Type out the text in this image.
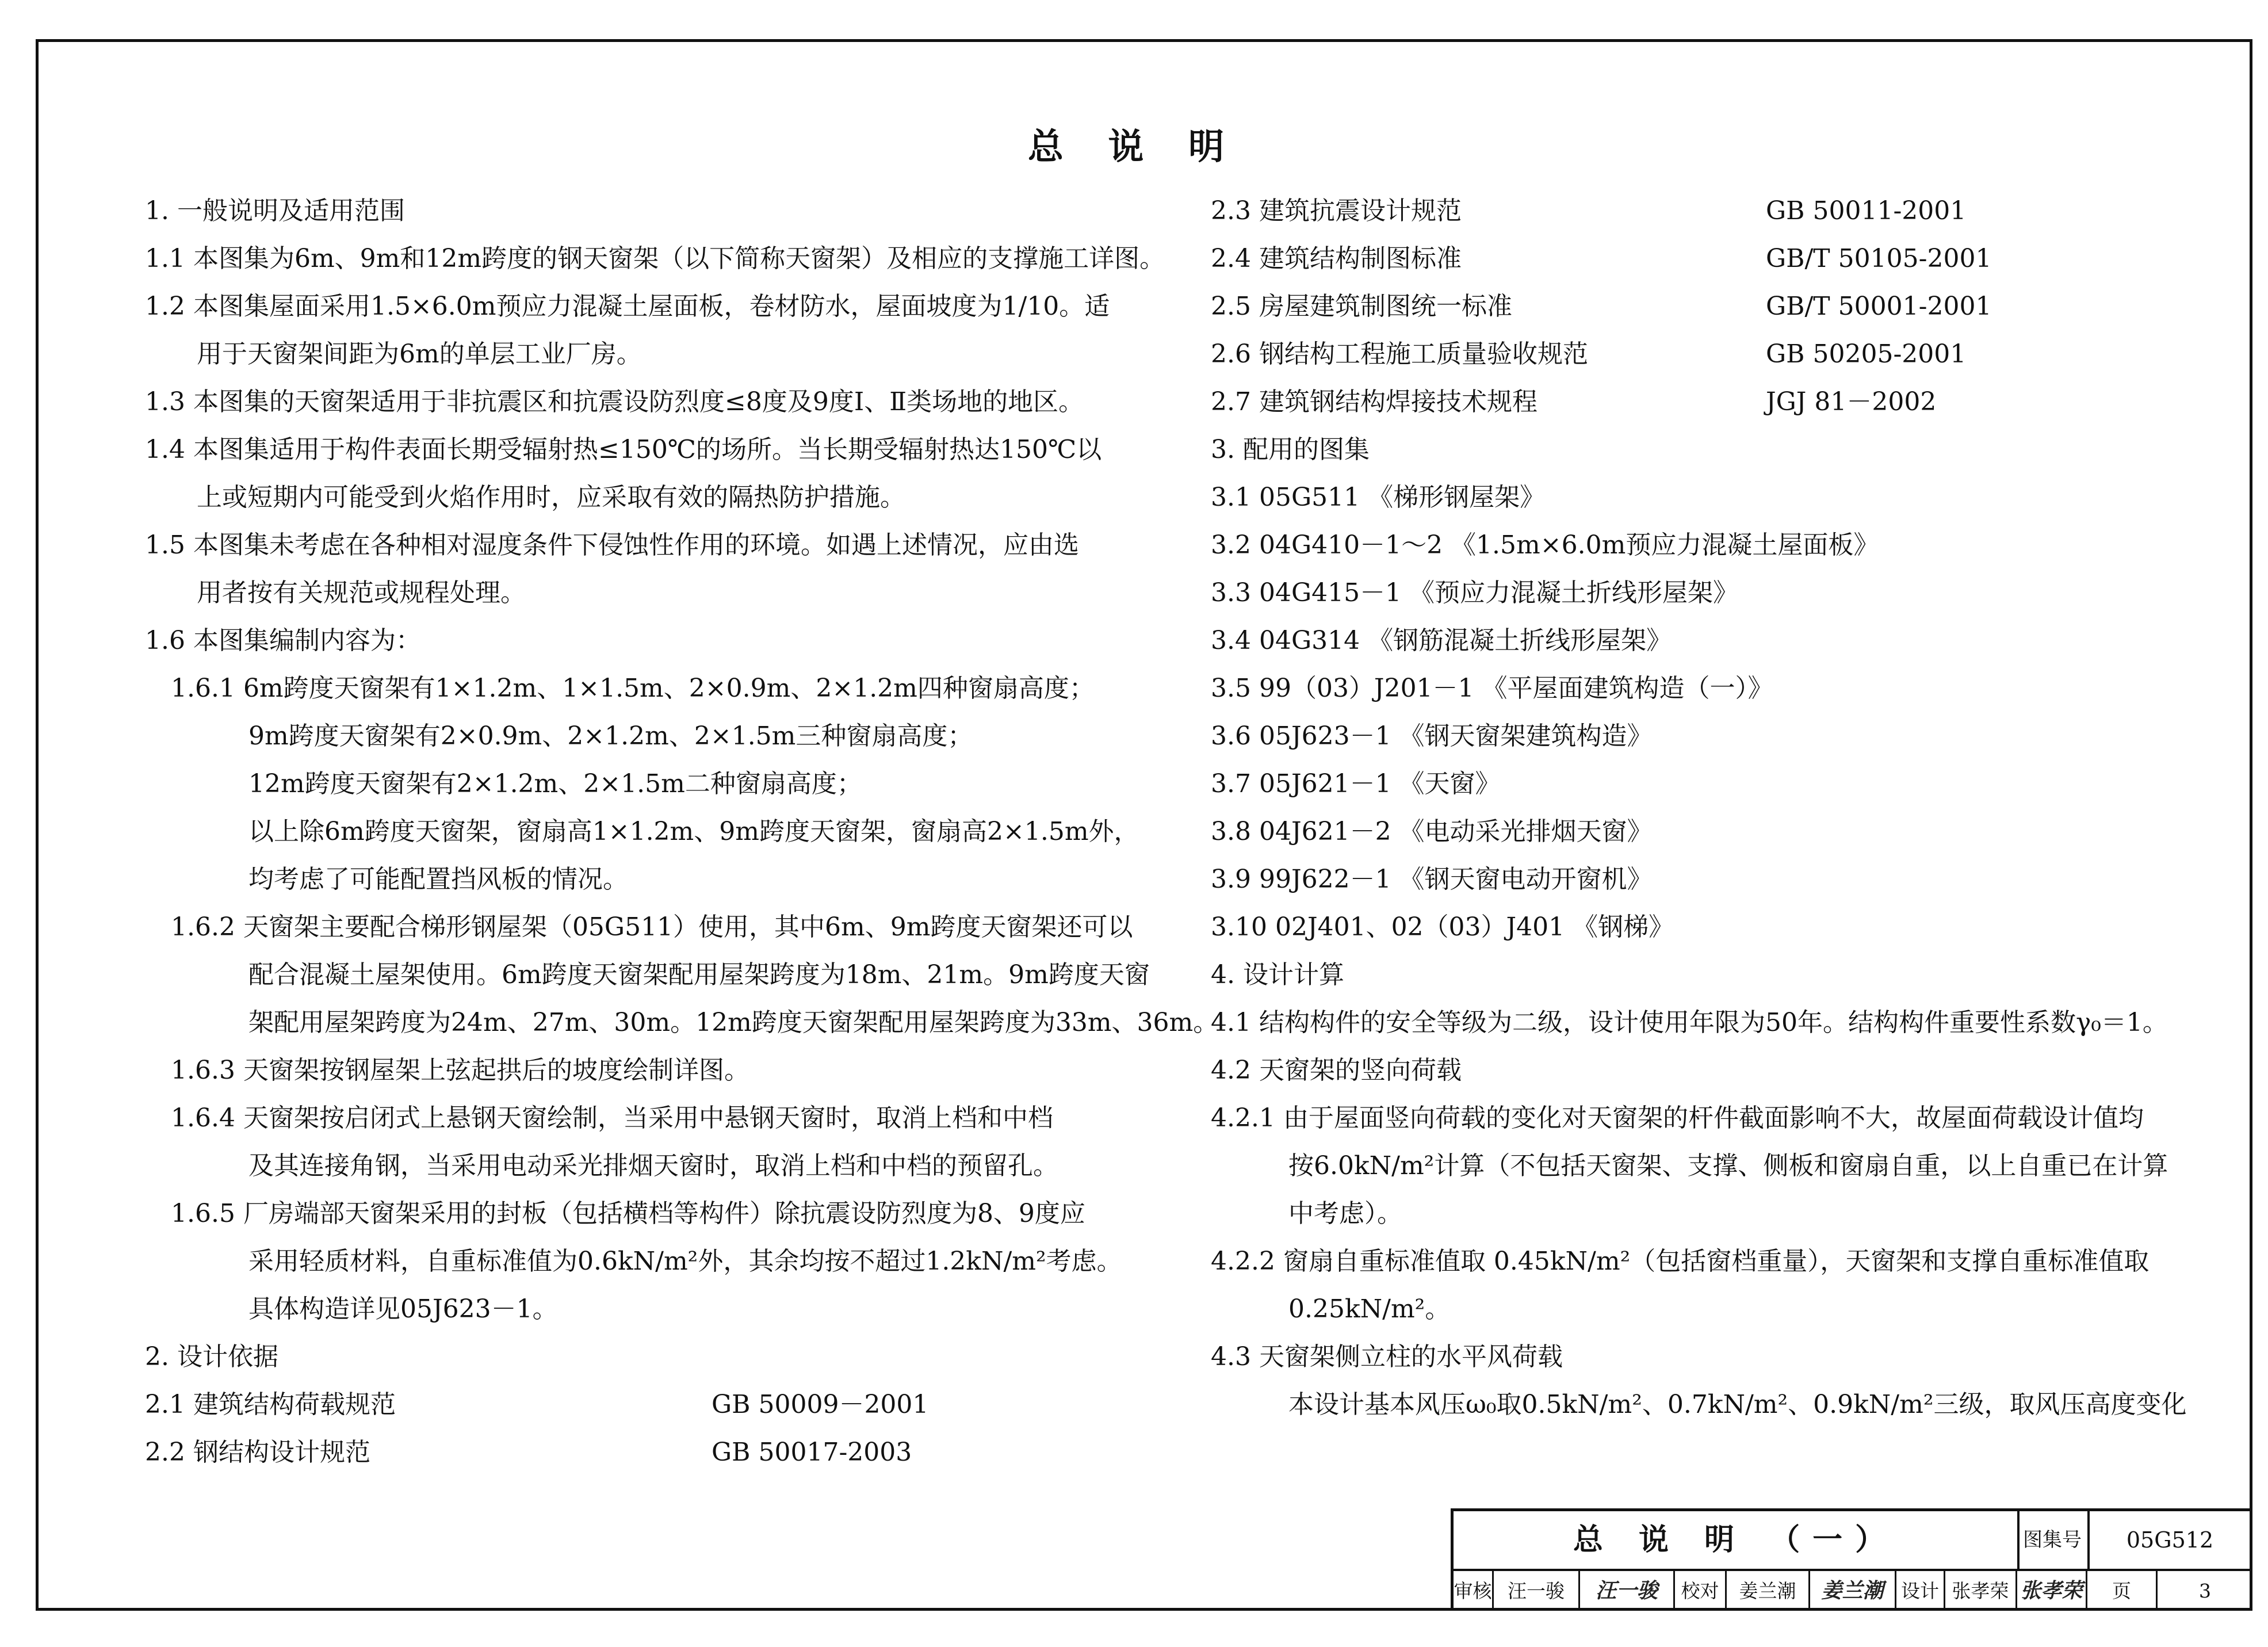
总 说 明
1. 一般说明及适用范围
1.1 本图集为6m、9m和12m跨度的钢天窗架（以下简称天窗架）及相应的支撑施工详图。
1.2 本图集屋面采用1.5×6.0m预应力混凝土屋面板，卷材防水，屋面坡度为1/10。适
用于天窗架间距为6m的单层工业厂房。
1.3 本图集的天窗架适用于非抗震区和抗震设防烈度≤8度及9度Ⅰ、Ⅱ类场地的地区。
1.4 本图集适用于构件表面长期受辐射热≤150℃的场所。当长期受辐射热达150℃以
上或短期内可能受到火焰作用时，应采取有效的隔热防护措施。
1.5 本图集未考虑在各种相对湿度条件下侵蚀性作用的环境。如遇上述情况，应由选
用者按有关规范或规程处理。
1.6 本图集编制内容为：
1.6.1 6m跨度天窗架有1×1.2m、1×1.5m、2×0.9m、2×1.2m四种窗扇高度；
9m跨度天窗架有2×0.9m、2×1.2m、2×1.5m三种窗扇高度；
12m跨度天窗架有2×1.2m、2×1.5m二种窗扇高度；
以上除6m跨度天窗架，窗扇高1×1.2m、9m跨度天窗架，窗扇高2×1.5m外，
均考虑了可能配置挡风板的情况。
1.6.2 天窗架主要配合梯形钢屋架（05G511）使用，其中6m、9m跨度天窗架还可以
配合混凝土屋架使用。6m跨度天窗架配用屋架跨度为18m、21m。9m跨度天窗
架配用屋架跨度为24m、27m、30m。12m跨度天窗架配用屋架跨度为33m、36m。
1.6.3 天窗架按钢屋架上弦起拱后的坡度绘制详图。
1.6.4 天窗架按启闭式上悬钢天窗绘制，当采用中悬钢天窗时，取消上档和中档
及其连接角钢，当采用电动采光排烟天窗时，取消上档和中档的预留孔。
1.6.5 厂房端部天窗架采用的封板（包括横档等构件）除抗震设防烈度为8、9度应
采用轻质材料，自重标准值为0.6kN/m²外，其余均按不超过1.2kN/m²考虑。
具体构造详见05J623－1。
2. 设计依据
2.1 建筑结构荷载规范	GB 50009－2001
2.2 钢结构设计规范	GB 50017-2003
2.3 建筑抗震设计规范	GB 50011-2001
2.4 建筑结构制图标准	GB/T 50105-2001
2.5 房屋建筑制图统一标准	GB/T 50001-2001
2.6 钢结构工程施工质量验收规范	GB 50205-2001
2.7 建筑钢结构焊接技术规程	JGJ 81－2002
3. 配用的图集
3.1 05G511 《梯形钢屋架》
3.2 04G410－1～2 《1.5m×6.0m预应力混凝土屋面板》
3.3 04G415－1 《预应力混凝土折线形屋架》
3.4 04G314 《钢筋混凝土折线形屋架》
3.5 99（03）J201－1 《平屋面建筑构造（一）》
3.6 05J623－1 《钢天窗架建筑构造》
3.7 05J621－1 《天窗》
3.8 04J621－2 《电动采光排烟天窗》
3.9 99J622－1 《钢天窗电动开窗机》
3.10 02J401、02（03）J401 《钢梯》
4. 设计计算
4.1 结构构件的安全等级为二级，设计使用年限为50年。结构构件重要性系数γ₀＝1。
4.2 天窗架的竖向荷载
4.2.1 由于屋面竖向荷载的变化对天窗架的杆件截面影响不大，故屋面荷载设计值均
按6.0kN/m²计算（不包括天窗架、支撑、侧板和窗扇自重，以上自重已在计算
中考虑）。
4.2.2 窗扇自重标准值取 0.45kN/m²（包括窗档重量），天窗架和支撑自重标准值取
0.25kN/m²。
4.3 天窗架侧立柱的水平风荷载
本设计基本风压ω₀取0.5kN/m²、0.7kN/m²、0.9kN/m²三级，取风压高度变化
总 说 明 （一）	图集号	05G512
审核 汪一骏	汪一骏	校对	姜兰潮	姜兰潮 设计 张孝荣 张孝荣	页	3
